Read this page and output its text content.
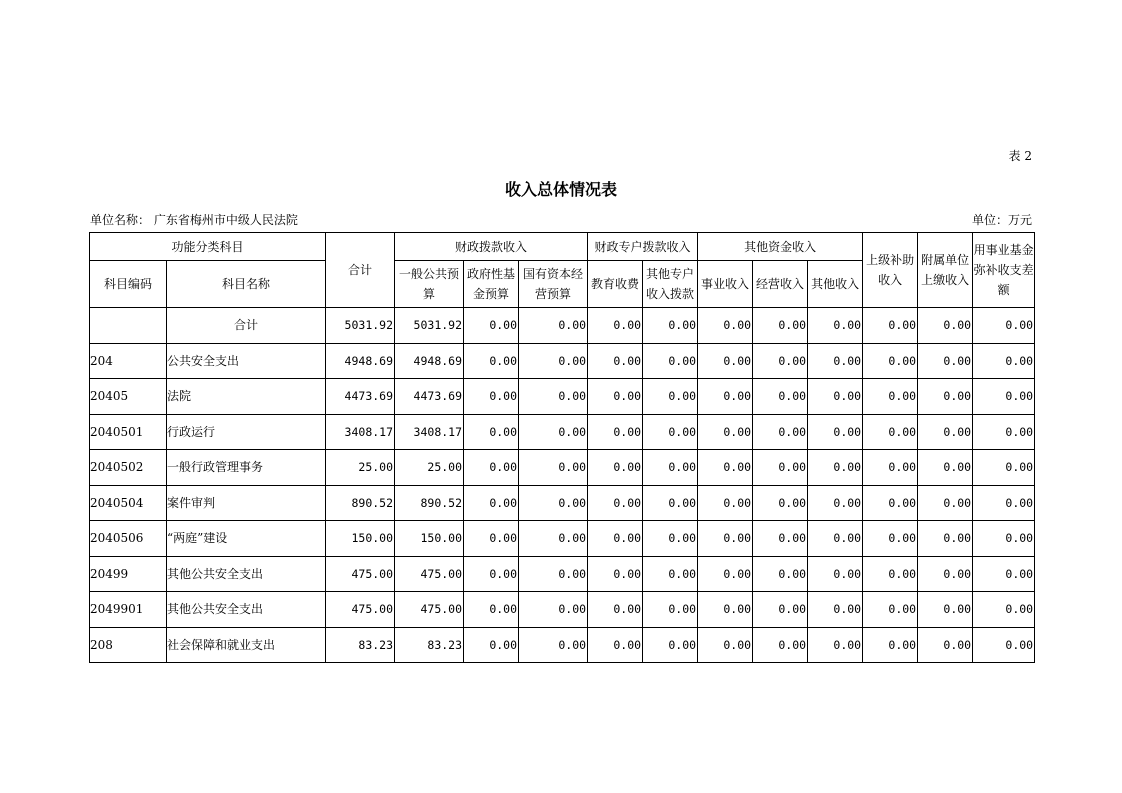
表 2
收入总体情况表
单位名称： 广东省梅州市中级人民法院	单位：万元
功能分类科目		合计	财政拨款收入			财政专户拨款收入		其他资金收入			上级补助收入	附属单位上缴收入	用事业基金弥补收支差额
科目编码	科目名称		一般公共预算	政府性基金预算	国有资本经营预算	教育收费	其他专户收入拨款	事业收入	经营收入	其他收入			
	合计	5031.92	5031.92	0.00	0.00	0.00	0.00	0.00	0.00	0.00	0.00	0.00	0.00
204	公共安全支出	4948.69	4948.69	0.00	0.00	0.00	0.00	0.00	0.00	0.00	0.00	0.00	0.00
20405	法院	4473.69	4473.69	0.00	0.00	0.00	0.00	0.00	0.00	0.00	0.00	0.00	0.00
2040501	行政运行	3408.17	3408.17	0.00	0.00	0.00	0.00	0.00	0.00	0.00	0.00	0.00	0.00
2040502	一般行政管理事务	25.00	25.00	0.00	0.00	0.00	0.00	0.00	0.00	0.00	0.00	0.00	0.00
2040504	案件审判	890.52	890.52	0.00	0.00	0.00	0.00	0.00	0.00	0.00	0.00	0.00	0.00
2040506	“两庭”建设	150.00	150.00	0.00	0.00	0.00	0.00	0.00	0.00	0.00	0.00	0.00	0.00
20499	其他公共安全支出	475.00	475.00	0.00	0.00	0.00	0.00	0.00	0.00	0.00	0.00	0.00	0.00
2049901	其他公共安全支出	475.00	475.00	0.00	0.00	0.00	0.00	0.00	0.00	0.00	0.00	0.00	0.00
208	社会保障和就业支出	83.23	83.23	0.00	0.00	0.00	0.00	0.00	0.00	0.00	0.00	0.00	0.00
